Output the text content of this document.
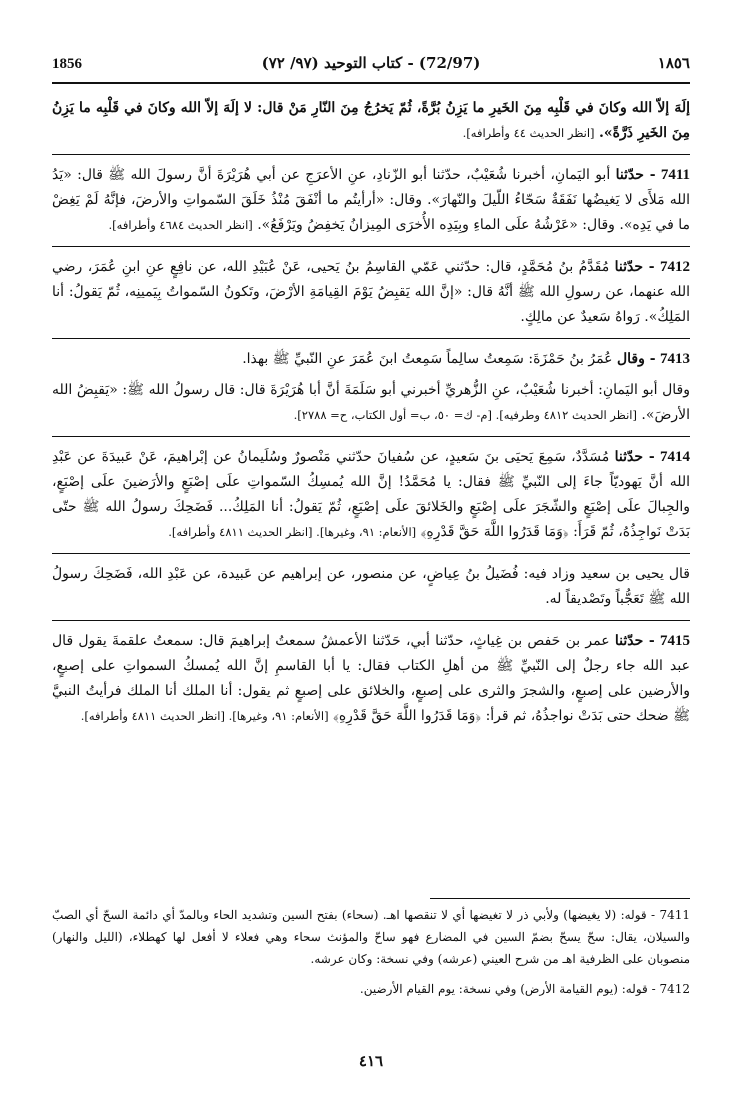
1856	(72/97) - كتاب التوحيد (٩٧/ ٧٢)	١٨٥٦

إلَهَ إلاّ الله وكانَ في قَلْبِه مِنَ الخَيرِ ما يَزِنُ بُرَّةً، ثُمّ يَخرُجُ مِنَ النّارِ مَنْ قال: لا إلَهَ إلاّ الله وكانَ في قَلْبِه ما يَزِنُ مِنَ الخَيرِ ذَرَّةً». [انظر الحديث ٤٤ وأطرافه].

7411 - حدّثنا أبو اليَمانِ، أخبرنا شُعَيْبٌ، حدّثنا أبو الزّنادِ، عنِ الأعرَجِ عن أبي هُرَيْرَةَ أنَّ رسولَ الله ﷺ قال: «يَدُ الله مَلأَى لا يَغيضُها نَفَقَةٌ سَحّاءُ اللّيلَ والنّهارَ». وقال: «أرأيتُم ما أنْفَقَ مُنْذُ خَلَقَ السّمواتِ والأرضَ، فإنَّهُ لَمْ يَغِضْ ما في يَدِه». وقال: «عَرْشُهُ علَى الماءِ وبِيَدِه الأُخرَى المِيزانُ يَخفِضُ ويَرْفَعُ». [انظر الحديث ٤٦٨٤ وأطرافه].

7412 - حدّثنا مُقَدَّمُ بنُ مُحَمَّدٍ، قال: حدّثني عَمّي القاسِمُ بنُ يَحيى، عَنْ عُبَيْدِ الله، عن نافِعٍ عنِ ابنِ عُمَرَ، رضي الله عنهما، عن رسولِ الله ﷺ أنَّهُ قال: «إنَّ الله يَقبِضُ يَوْمَ القِيامَةِ الأرْضَ، وتَكونُ السّمواتُ بِيَمينِه، ثُمّ يَقولُ: أنا المَلِكُ». رَواهُ سَعيدٌ عن مالِكٍ.

7413 - وقال عُمَرُ بنُ حَمْزَةَ: سَمِعتُ سالِماً سَمِعتُ ابنَ عُمَرَ عنِ النّبيِّ ﷺ بهذا.

وقال أبو اليَمانِ: أخبرنا شُعَيْبٌ، عنِ الزُّهريِّ أخبرني أبو سَلَمَةَ أنَّ أبا هُرَيْرَةَ قال: قال رسولُ الله ﷺ: «يَقبِضُ الله الأرضَ». [انظر الحديث ٤٨١٢ وطرفيه]. [م- ك= ٥٠، ب= أول الكتاب، ح= ٢٧٨٨].

7414 - حدّثنا مُسَدَّدٌ، سَمِعَ يَحيَى بنَ سَعيدٍ، عن سُفيانَ حدّثني مَنْصورٌ وسُلَيمانُ عن إبْراهيمَ، عَنْ عَبيدَةَ عن عَبْدِ الله أنَّ يَهوديّاً جاءَ إلى النّبيِّ ﷺ فقال: يا مُحَمَّدُ! إنَّ الله يُمسِكُ السّمواتِ علَى إصْبَعٍ والأرَضينَ علَى إصْبَعٍ، والجِبالَ علَى إصْبَعٍ والشّجَرَ علَى إصْبَعٍ والخَلائقَ علَى إصْبَعٍ، ثُمّ يَقولُ: أنا المَلِكُ... فَضَحِكَ رسولُ الله ﷺ حتّى بَدَتْ نَواجِذُهُ، ثُمّ قَرَأَ: ﴿وَمَا قَدَرُوا اللَّهَ حَقَّ قَدْرِهِ﴾ [الأنعام: ٩١، وغيرها]. [انظر الحديث ٤٨١١ وأطرافه].

قال يحيى بن سعيد وزاد فيه: فُضَيلُ بنُ عِياضٍ، عن منصور، عن إبراهيم عن عَبيدة، عن عَبْدِ الله، فَضَحِكَ رسولُ الله ﷺ تَعَجُّباً وتَصْديقاً له.

7415 - حدّثنا عمر بن حَفص بن غِياثٍ، حدّثنا أبي، حَدّثنا الأعمشُ سمعتُ إبراهيمَ قال: سمعتُ علقمةَ يقول قال عبد الله جاء رجلٌ إلى النّبيِّ ﷺ من أهلِ الكتاب فقال: يا أبا القاسمِ إنَّ الله يُمسكُ السمواتِ على إصبعٍ، والأرضين على إصبعٍ، والشجرَ والثرى على إصبعٍ، والخلائق على إصبعٍ ثم يقول: أنا الملك أنا الملك فرأيتُ النبيَّ ﷺ ضحك حتى بَدَتْ نواجذُهُ، ثم قرأ: ﴿وَمَا قَدَرُوا اللَّهَ حَقَّ قَدْرِهِ﴾ [الأنعام: ٩١، وغيرها]. [انظر الحديث ٤٨١١ وأطرافه].

7411 - قوله: (لا يغيضها) ولأبي ذر لا تغيضها أي لا تنقصها اهـ. (سحاء) بفتح السين وتشديد الحاء وبالمدّ أي دائمة السحّ أي الصبّ والسيلان، يقال: سحّ يسحّ بضمّ السين في المضارع فهو ساحّ والمؤنث سحاء وهي فعلاء لا أفعل لها كهطلاء، (الليل والنهار) منصوبان على الظرفية اهـ من شرح العيني (عرشه) وفي نسخة: وكان عرشه.

7412 - قوله: (يوم القيامة الأرض) وفي نسخة: يوم القيام الأرضين.

٤١٦
